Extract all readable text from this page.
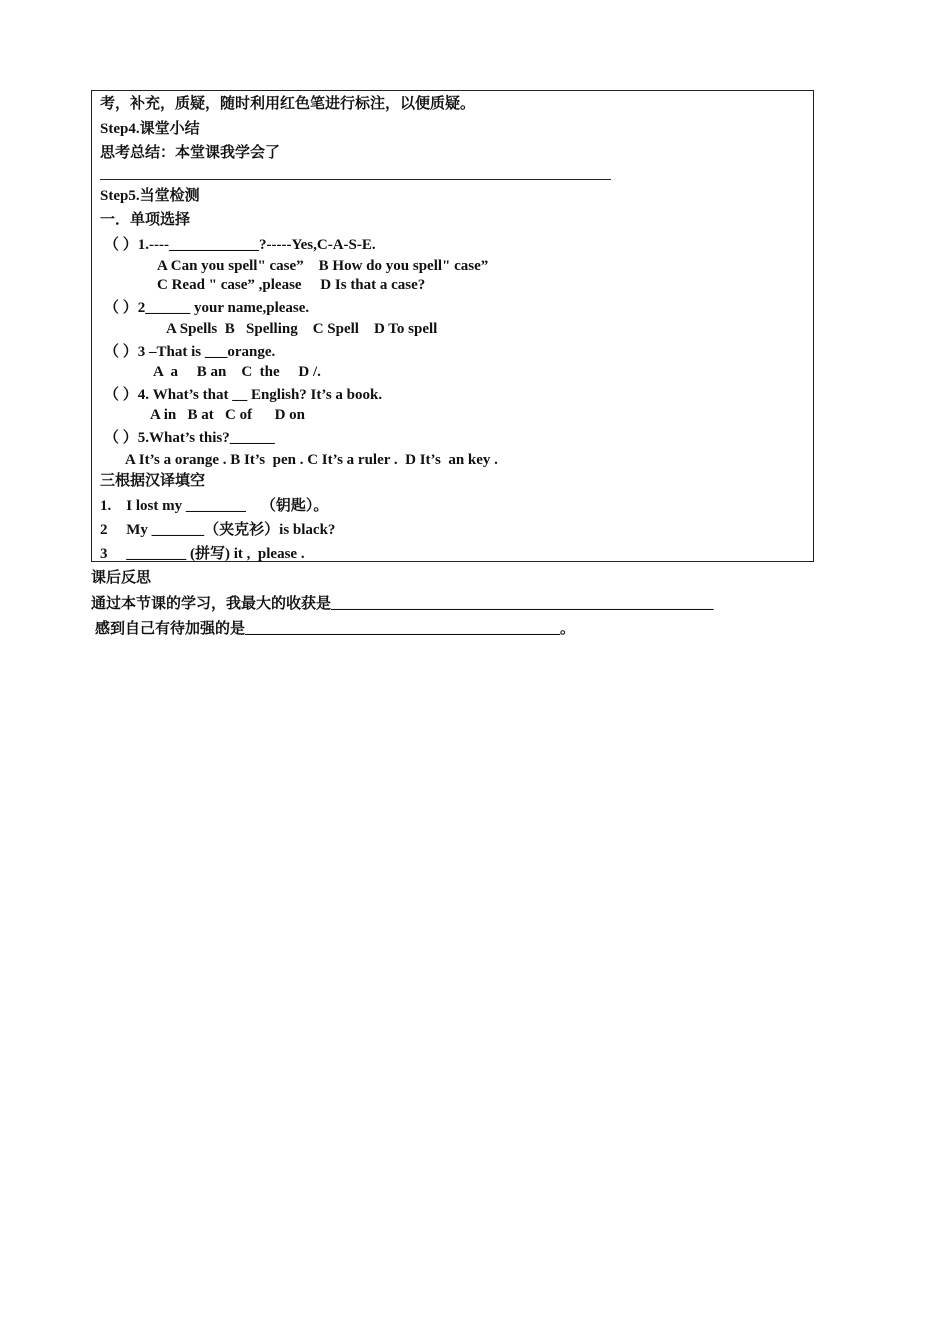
考，补充，质疑，随时利用红色笔进行标注，以便质疑。
Step4.课堂小结
思考总结：本堂课我学会了
Step5.当堂检测
一．单项选择
（ ）1.----____________?-----Yes,C-A-S-E.
A Can you spell" case”    B How do you spell" case”
C Read " case” ,please     D Is that a case?
（ ）2______ your name,please.
A Spells  B   Spelling    C Spell    D To spell
（ ）3 –That is ___orange.
A  a     B an    C  the     D /.
（ ）4. What’s that __ English? It’s a book.
A in   B at   C of      D on
（ ）5.What’s this?______
A It’s a orange . B It’s  pen . C It’s a ruler .  D It’s  an key .
三根据汉译填空
1.    I lost my ________    （钥匙）。
2     My _______（夹克衫）is black?
3     ________ (拼写) it ,  please .
课后反思
通过本节课的学习，我最大的收获是___________________________________________________
感到自己有待加强的是__________________________________________。
